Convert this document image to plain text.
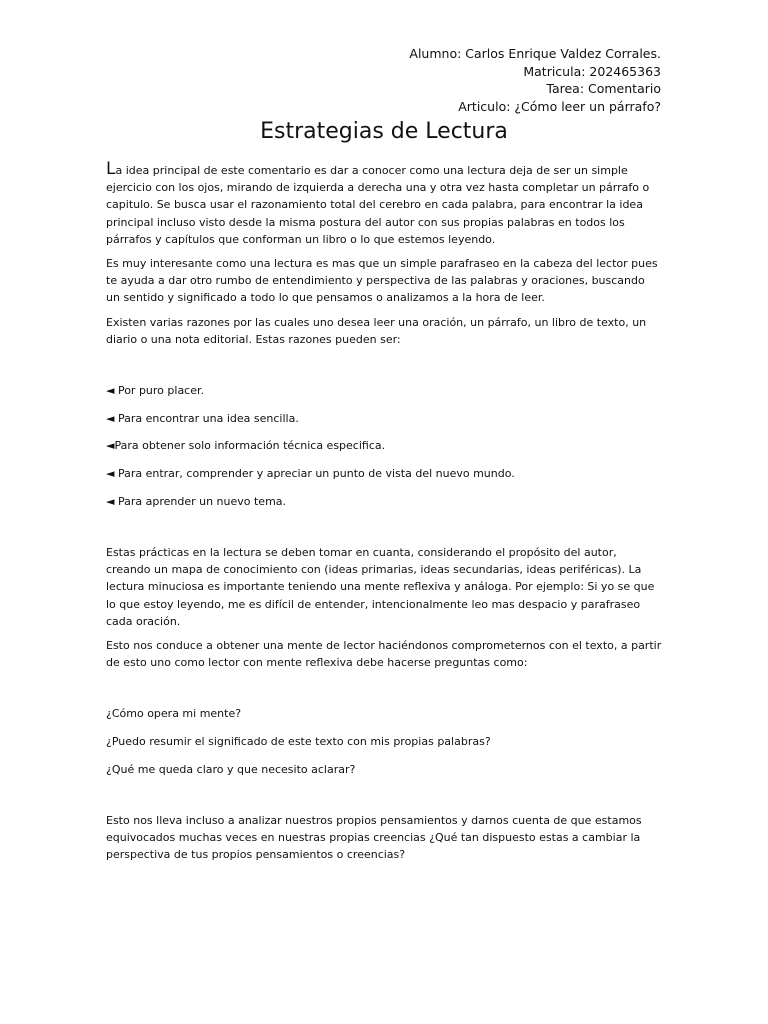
Alumno: Carlos Enrique Valdez Corrales.
Matricula: 202465363
Tarea: Comentario
Articulo: ¿Cómo leer un párrafo?
Estrategias de Lectura

La idea principal de este comentario es dar a conocer como una lectura deja de ser un simple ejercicio con los ojos, mirando de izquierda a derecha una y otra vez hasta completar un párrafo o capitulo. Se busca usar el razonamiento total del cerebro en cada palabra, para encontrar la idea principal incluso visto desde la misma postura del autor con sus propias palabras en todos los párrafos y capítulos que conforman un libro o lo que estemos leyendo.

Es muy interesante como una lectura es mas que un simple parafraseo en la cabeza del lector pues te ayuda a dar otro rumbo de entendimiento y perspectiva de las palabras y oraciones, buscando un sentido y significado a todo lo que pensamos o analizamos a la hora de leer.

Existen varias razones por las cuales uno desea leer una oración, un párrafo, un libro de texto, un diario o una nota editorial. Estas razones pueden ser:

◄ Por puro placer.

◄ Para encontrar una idea sencilla.

◄Para obtener solo información técnica especifica.

◄ Para entrar, comprender y apreciar un punto de vista del nuevo mundo.

◄ Para aprender un nuevo tema.

Estas prácticas en la lectura se deben tomar en cuanta, considerando el propósito del autor, creando un mapa de conocimiento con (ideas primarias, ideas secundarias, ideas periféricas). La lectura minuciosa es importante teniendo una mente reflexiva y análoga. Por ejemplo: Si yo se que lo que estoy leyendo, me es difícil de entender, intencionalmente leo mas despacio y parafraseo cada oración.

Esto nos conduce a obtener una mente de lector haciéndonos comprometernos con el texto, a partir de esto uno como lector con mente reflexiva debe hacerse preguntas como:

¿Cómo opera mi mente?

¿Puedo resumir el significado de este texto con mis propias palabras?

¿Qué me queda claro y que necesito aclarar?

Esto nos lleva incluso a analizar nuestros propios pensamientos y darnos cuenta de que estamos equivocados muchas veces en nuestras propias creencias ¿Qué tan dispuesto estas a cambiar la perspectiva de tus propios pensamientos o creencias?
